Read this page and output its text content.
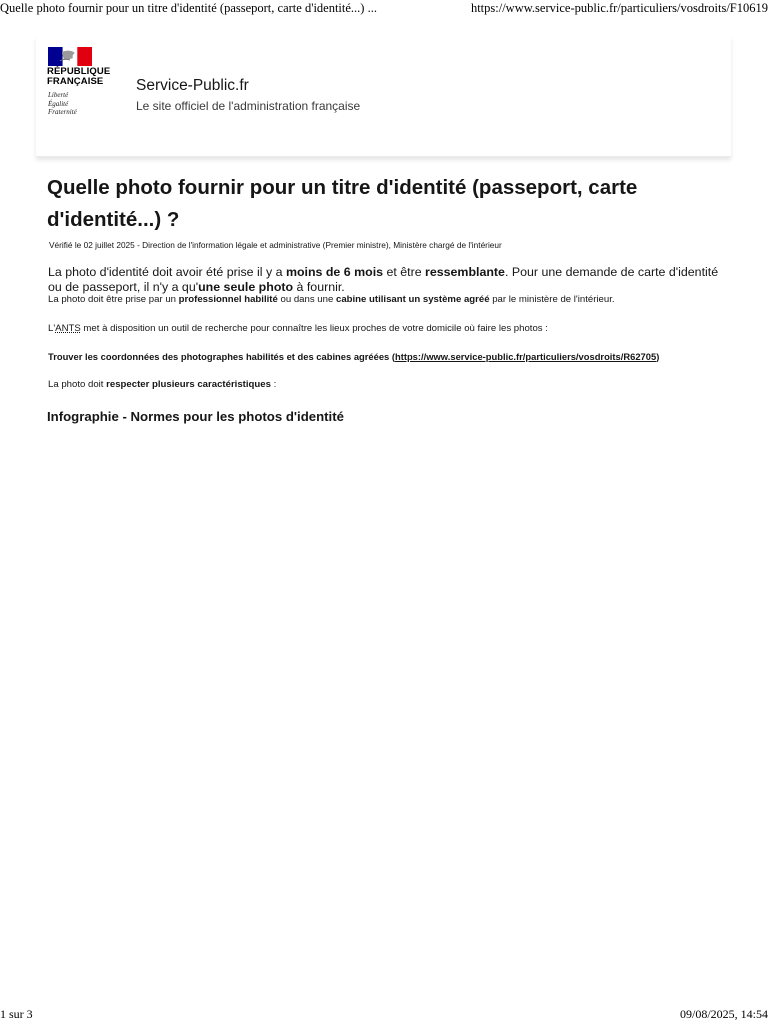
Quelle photo fournir pour un titre d'identité (passeport, carte d'identité...) ...	https://www.service-public.fr/particuliers/vosdroits/F10619
RÉPUBLIQUE
FRANÇAISE
Liberté
Égalité
Fraternité
Service-Public.fr
Le site officiel de l'administration française
Quelle photo fournir pour un titre d'identité (passeport, carte d'identité...) ?
Vérifié le 02 juillet 2025 - Direction de l'information légale et administrative (Premier ministre), Ministère chargé de l'intérieur

La photo d'identité doit avoir été prise il y a moins de 6 mois et être ressemblante. Pour une demande de carte d'identité ou de passeport, il n'y a qu'une seule photo à fournir.

La photo doit être prise par un professionnel habilité ou dans une cabine utilisant un système agréé par le ministère de l'intérieur.

L'ANTS met à disposition un outil de recherche pour connaître les lieux proches de votre domicile où faire les photos :

Trouver les coordonnées des photographes habilités et des cabines agréées (https://www.service-public.fr/particuliers/vosdroits/R62705)

La photo doit respecter plusieurs caractéristiques :

Infographie - Normes pour les photos d'identité
1 sur 3	09/08/2025, 14:54
